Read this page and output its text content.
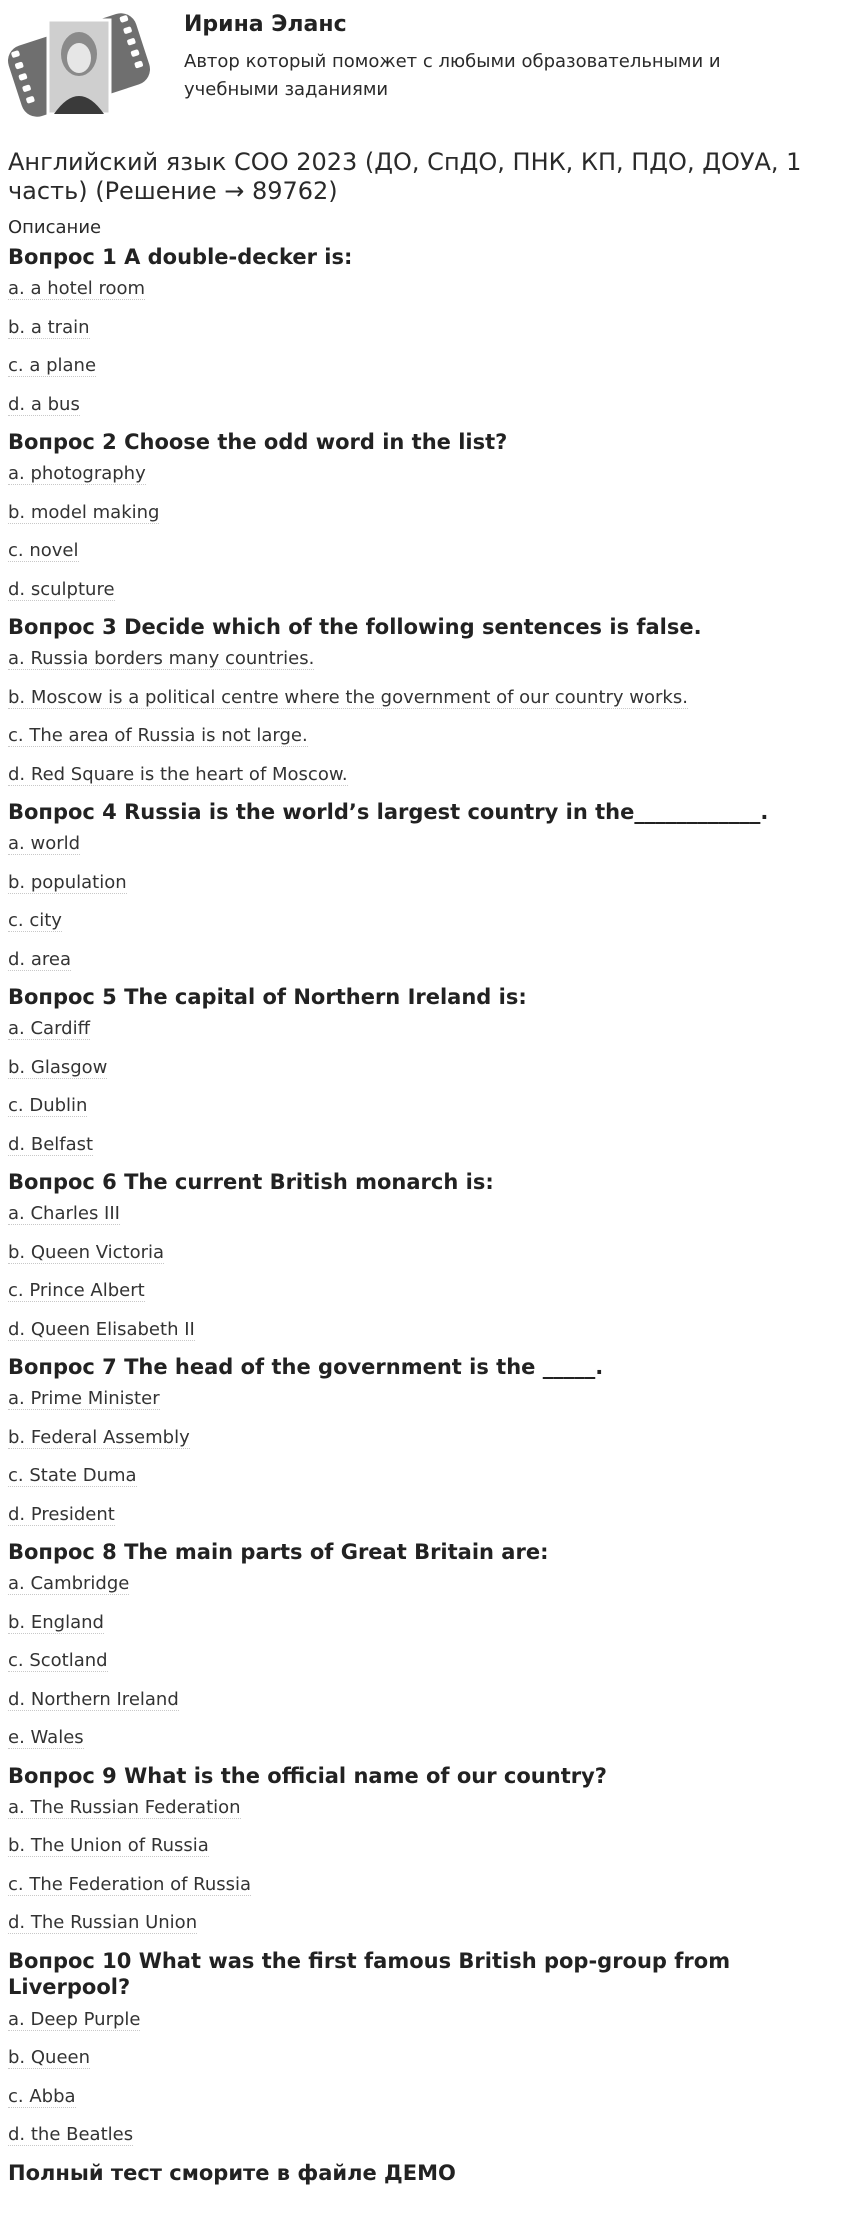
Ирина Эланс
Автор который поможет с любыми образовательными и учебными заданиями
Английский язык СОО 2023 (ДО, СпДО, ПНК, КП, ПДО, ДОУА, 1 часть) (Решение → 89762)
Описание
Вопрос 1 A double-decker is:
a. a hotel room
b. a train
c. a plane
d. a bus
Вопрос 2 Choose the odd word in the list?
a. photography
b. model making
c. novel
d. sculpture
Вопрос 3 Decide which of the following sentences is false.
a. Russia borders many countries.
b. Moscow is a political centre where the government of our country works.
c. The area of Russia is not large.
d. Red Square is the heart of Moscow.
Вопрос 4 Russia is the world’s largest country in the____________.
a. world
b. population
c. city
d. area
Вопрос 5 The capital of Northern Ireland is:
a. Cardiff
b. Glasgow
c. Dublin
d. Belfast
Вопрос 6 The current British monarch is:
a. Charles III
b. Queen Victoria
c. Prince Albert
d. Queen Elisabeth II
Вопрос 7 The head of the government is the _____.
a. Prime Minister
b. Federal Assembly
c. State Duma
d. President
Вопрос 8 The main parts of Great Britain are:
a. Cambridge
b. England
c. Scotland
d. Northern Ireland
e. Wales
Вопрос 9 What is the official name of our country?
a. The Russian Federation
b. The Union of Russia
c. The Federation of Russia
d. The Russian Union
Вопрос 10 What was the first famous British pop-group from Liverpool?
a. Deep Purple
b. Queen
c. Abba
d. the Beatles
Полный тест сморите в файле ДЕМО
